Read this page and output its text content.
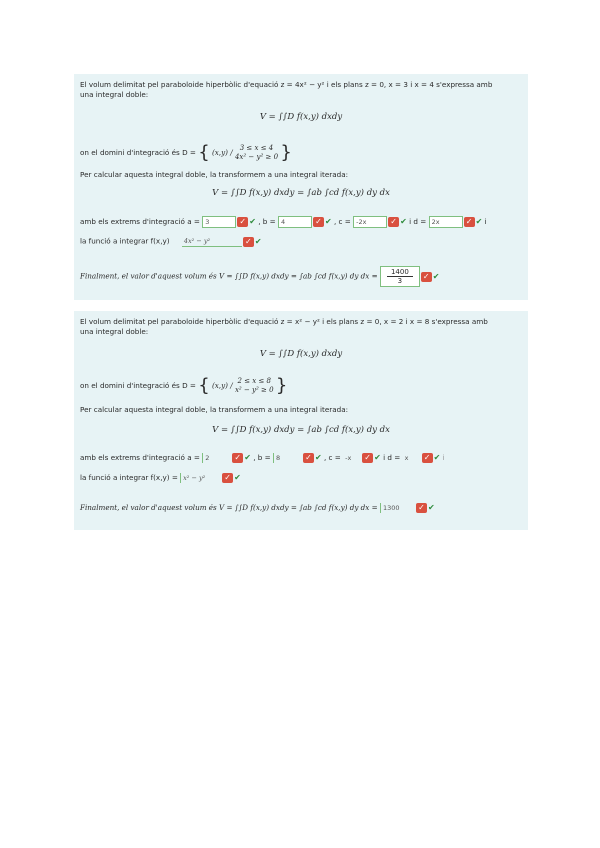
El volum delimitat pel paraboloide hiperbòlic d'equació z = 4x² − y² i els plans z = 0, x = 3 i x = 4 s'expressa amb
una integral doble:
V = ∫∫D f(x,y) dxdy
on el domini d'integració és D = { (x,y) /	3 ≤ x ≤ 4
4x² − y² ≥ 0 }
Per calcular aquesta integral doble, la transformem a una integral iterada:
V = ∫∫D f(x,y) dxdy = ∫ab ∫cd f(x,y) dy dx
amb els extrems d'integració a = 3	✓ ✔ , b = 4	✓ ✔ , c = -2x	✓ ✔ i d = 2x	✓ ✔ i
la funció a integrar f(x,y) 4x² − y²	✓ ✔
Finalment, el valor d'aquest volum és V = ∫∫D f(x,y) dxdy = ∫ab ∫cd f(x,y) dy dx = $\frac{1400}{3}$ ✓ ✔
El volum delimitat pel paraboloide hiperbòlic d'equació z = x² − y² i els plans z = 0, x = 2 i x = 8 s'expressa amb
una integral doble:
V = ∫∫D f(x,y) dxdy
on el domini d'integració és D = { (x,y) / 2 ≤ x ≤ 8
x² − y² ≥ 0 }
Per calcular aquesta integral doble, la transformem a una integral iterada:
V = ∫∫D f(x,y) dxdy = ∫ab ∫cd f(x,y) dy dx
amb els extrems d'integració a = 2	✓ ✔ , b = 8	✓ ✔ , c = -x ✓ ✔ i d = x ✓ ✔ i
la funció a integrar f(x,y) = x² − y² ✓ ✔
Finalment, el valor d'aquest volum és V = ∫∫D f(x,y) dxdy = ∫ab ∫cd f(x,y) dy dx = 1300 ✓ ✔
